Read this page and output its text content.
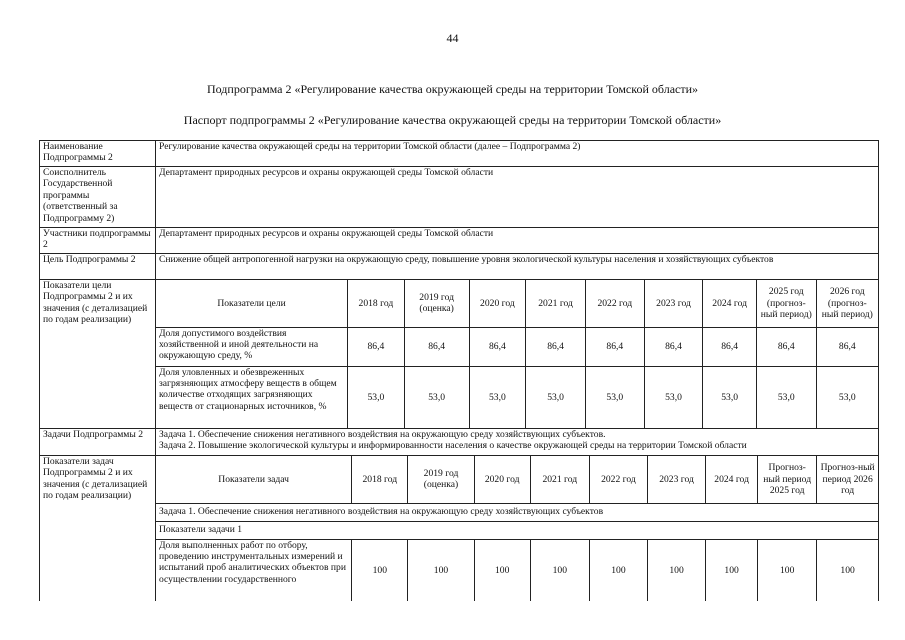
44
Подпрограмма 2 «Регулирование качества окружающей среды на территории Томской области»
Паспорт подпрограммы 2 «Регулирование качества окружающей среды на территории Томской области»
Наименование Подпрограммы 2	Регулирование качества окружающей среды на территории Томской области (далее – Подпрограмма 2)
Соисполнитель Государственной программы (ответственный за Подпрограмму 2)	Департамент природных ресурсов и охраны окружающей среды Томской области
Участники подпрограммы 2	Департамент природных ресурсов и охраны окружающей среды Томской области
Цель Подпрограммы 2	Снижение общей антропогенной нагрузки на окружающую среду, повышение уровня экологической культуры населения и хозяйствующих субъектов
Показатели цели Подпрограммы 2 и их значения (с детализацией по годам реализации)	
Показатели цели	2018 год	2019 год (оценка)	2020 год	2021 год	2022 год	2023 год	2024 год	2025 год (прогноз-ный период)	2026 год (прогноз-ный период)
Доля допустимого воздействия хозяйственной и иной деятельности на окружающую среду, %	86,4	86,4	86,4	86,4	86,4	86,4	86,4	86,4	86,4
Доля уловленных и обезвреженных загрязняющих атмосферу веществ в общем количестве отходящих загрязняющих веществ от стационарных источников, %	53,0	53,0	53,0	53,0	53,0	53,0	53,0	53,0	53,0

Задачи Подпрограммы 2	Задача 1. Обеспечение снижения негативного воздействия на окружающую среду хозяйствующих субъектов.
Задача 2. Повышение экологической культуры и информированности населения о качестве окружающей среды на территории Томской области

Показатели задач Подпрограммы 2 и их значения (с детализацией по годам реализации)	
Показатели задач	2018 год	2019 год (оценка)	2020 год	2021 год	2022 год	2023 год	2024 год	Прогноз-ный период 2025 год	Прогноз-ный период 2026 год
Задача 1. Обеспечение снижения негативного воздействия на окружающую среду хозяйствующих субъектов
Показатели задачи 1
Доля выполненных работ по отбору, проведению инструментальных измерений и испытаний проб аналитических объектов при осуществлении государственного	100	100	100	100	100	100	100	100	100
